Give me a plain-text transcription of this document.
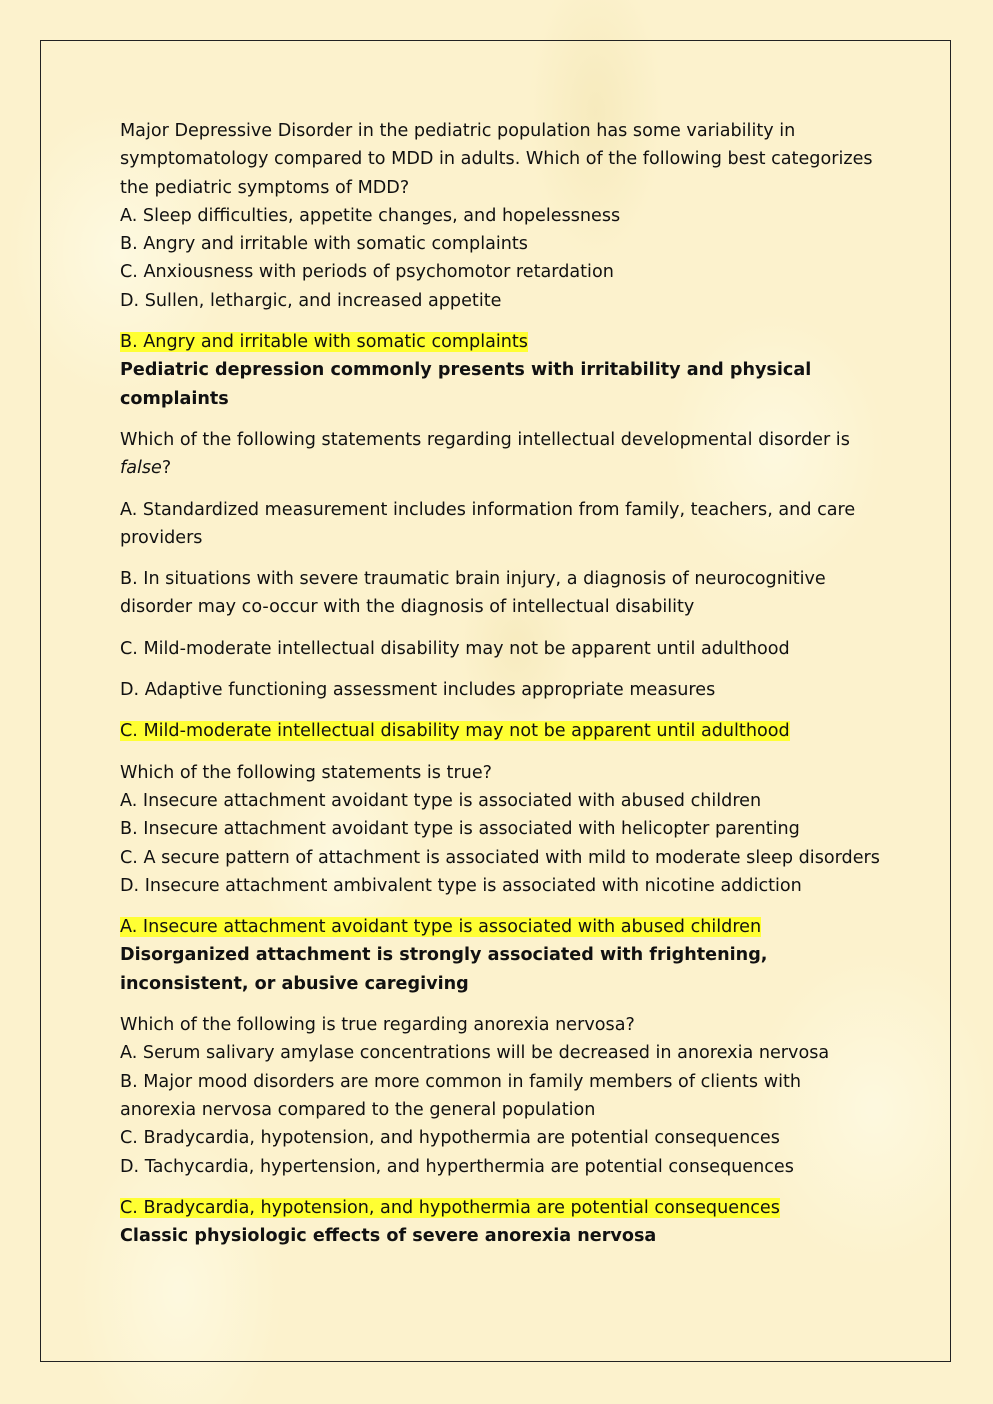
Major Depressive Disorder in the pediatric population has some variability in symptomatology compared to MDD in adults. Which of the following best categorizes the pediatric symptoms of MDD?
A. Sleep difficulties, appetite changes, and hopelessness
B. Angry and irritable with somatic complaints
C. Anxiousness with periods of psychomotor retardation
D. Sullen, lethargic, and increased appetite
B. Angry and irritable with somatic complaints
Pediatric depression commonly presents with irritability and physical complaints
Which of the following statements regarding intellectual developmental disorder is false?
A. Standardized measurement includes information from family, teachers, and care providers
B. In situations with severe traumatic brain injury, a diagnosis of neurocognitive disorder may co-occur with the diagnosis of intellectual disability
C. Mild-moderate intellectual disability may not be apparent until adulthood
D. Adaptive functioning assessment includes appropriate measures
C. Mild-moderate intellectual disability may not be apparent until adulthood
Which of the following statements is true?
A. Insecure attachment avoidant type is associated with abused children
B. Insecure attachment avoidant type is associated with helicopter parenting
C. A secure pattern of attachment is associated with mild to moderate sleep disorders
D. Insecure attachment ambivalent type is associated with nicotine addiction
A. Insecure attachment avoidant type is associated with abused children
Disorganized attachment is strongly associated with frightening, inconsistent, or abusive caregiving
Which of the following is true regarding anorexia nervosa?
A. Serum salivary amylase concentrations will be decreased in anorexia nervosa
B. Major mood disorders are more common in family members of clients with anorexia nervosa compared to the general population
C. Bradycardia, hypotension, and hypothermia are potential consequences
D. Tachycardia, hypertension, and hyperthermia are potential consequences
C. Bradycardia, hypotension, and hypothermia are potential consequences
Classic physiologic effects of severe anorexia nervosa
